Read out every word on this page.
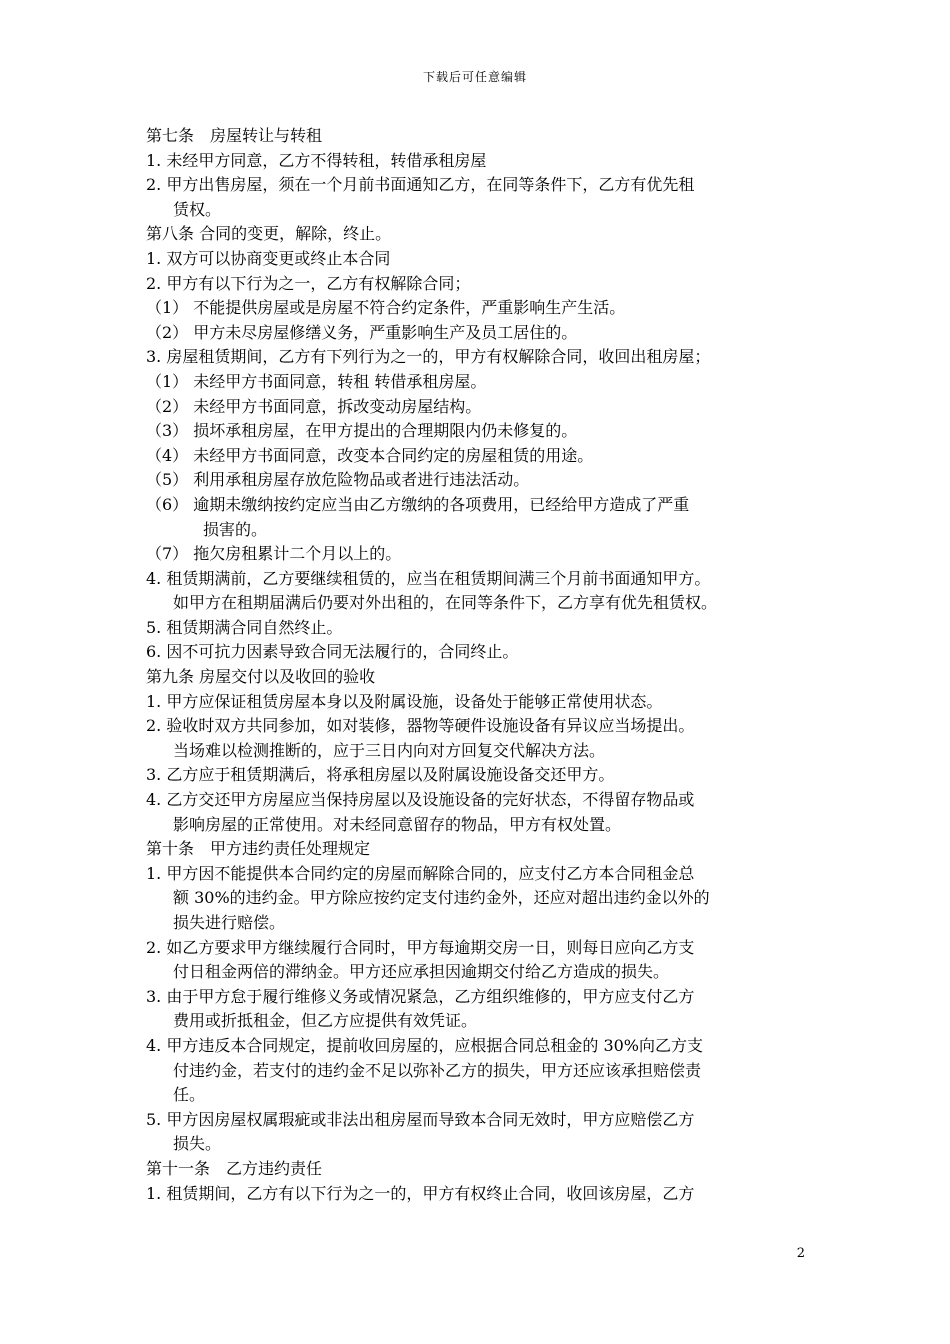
下载后可任意编辑
第七条　房屋转让与转租
1. 未经甲方同意，乙方不得转租，转借承租房屋
2. 甲方出售房屋，须在一个月前书面通知乙方，在同等条件下，乙方有优先租
赁权。
第八条 合同的变更，解除，终止。
1. 双方可以协商变更或终止本合同
2. 甲方有以下行为之一，乙方有权解除合同；
（1） 不能提供房屋或是房屋不符合约定条件，严重影响生产生活。
（2） 甲方未尽房屋修缮义务，严重影响生产及员工居住的。
3. 房屋租赁期间，乙方有下列行为之一的，甲方有权解除合同，收回出租房屋；
（1） 未经甲方书面同意，转租 转借承租房屋。
（2） 未经甲方书面同意，拆改变动房屋结构。
（3） 损坏承租房屋，在甲方提出的合理期限内仍未修复的。
（4） 未经甲方书面同意，改变本合同约定的房屋租赁的用途。
（5） 利用承租房屋存放危险物品或者进行违法活动。
（6） 逾期未缴纳按约定应当由乙方缴纳的各项费用，已经给甲方造成了严重
损害的。
（7） 拖欠房租累计二个月以上的。
4. 租赁期满前，乙方要继续租赁的，应当在租赁期间满三个月前书面通知甲方。
如甲方在租期届满后仍要对外出租的，在同等条件下，乙方享有优先租赁权。
5. 租赁期满合同自然终止。
6. 因不可抗力因素导致合同无法履行的，合同终止。
第九条 房屋交付以及收回的验收
1. 甲方应保证租赁房屋本身以及附属设施，设备处于能够正常使用状态。
2. 验收时双方共同参加，如对装修，器物等硬件设施设备有异议应当场提出。
当场难以检测推断的，应于三日内向对方回复交代解决方法。
3. 乙方应于租赁期满后，将承租房屋以及附属设施设备交还甲方。
4. 乙方交还甲方房屋应当保持房屋以及设施设备的完好状态，不得留存物品或
影响房屋的正常使用。对未经同意留存的物品，甲方有权处置。
第十条　甲方违约责任处理规定
1. 甲方因不能提供本合同约定的房屋而解除合同的，应支付乙方本合同租金总
额 30%的违约金。甲方除应按约定支付违约金外，还应对超出违约金以外的
损失进行赔偿。
2. 如乙方要求甲方继续履行合同时，甲方每逾期交房一日，则每日应向乙方支
付日租金两倍的滞纳金。甲方还应承担因逾期交付给乙方造成的损失。
3. 由于甲方怠于履行维修义务或情况紧急，乙方组织维修的，甲方应支付乙方
费用或折抵租金，但乙方应提供有效凭证。
4. 甲方违反本合同规定，提前收回房屋的，应根据合同总租金的 30%向乙方支
付违约金，若支付的违约金不足以弥补乙方的损失，甲方还应该承担赔偿责
任。
5. 甲方因房屋权属瑕疵或非法出租房屋而导致本合同无效时，甲方应赔偿乙方
损失。
第十一条　乙方违约责任
1. 租赁期间，乙方有以下行为之一的，甲方有权终止合同，收回该房屋，乙方
2
